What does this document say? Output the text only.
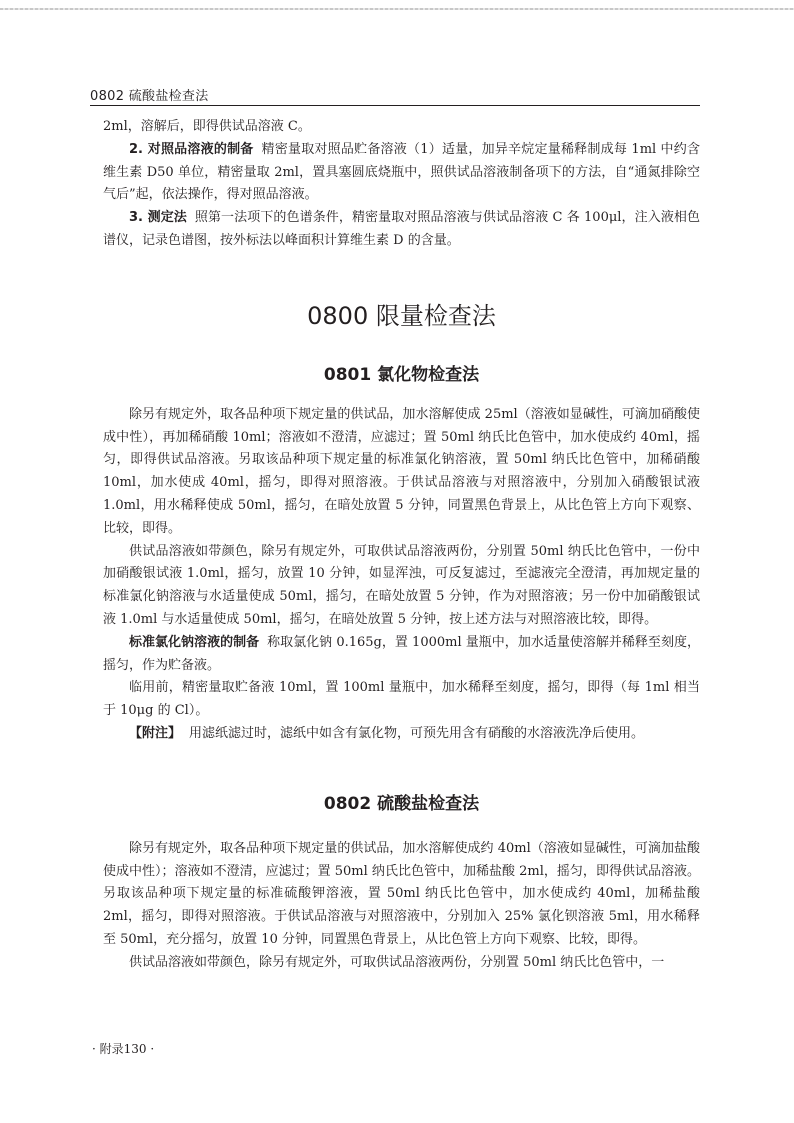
0802 硫酸盐检查法

2ml，溶解后，即得供试品溶液 C。

2. 对照品溶液的制备 精密量取对照品贮备溶液（1）适量，加异辛烷定量稀释制成每 1ml 中约含维生素 D50 单位，精密量取 2ml，置具塞圆底烧瓶中，照供试品溶液制备项下的方法，自“通氮排除空气后”起，依法操作，得对照品溶液。

3. 测定法 照第一法项下的色谱条件，精密量取对照品溶液与供试品溶液 C 各 100μl，注入液相色谱仪，记录色谱图，按外标法以峰面积计算维生素 D 的含量。

0800 限量检查法
0801 氯化物检查法

除另有规定外，取各品种项下规定量的供试品，加水溶解使成 25ml（溶液如显碱性，可滴加硝酸使成中性），再加稀硝酸 10ml；溶液如不澄清，应滤过；置 50ml 纳氏比色管中，加水使成约 40ml，摇匀，即得供试品溶液。另取该品种项下规定量的标准氯化钠溶液，置 50ml 纳氏比色管中，加稀硝酸 10ml，加水使成 40ml，摇匀，即得对照溶液。于供试品溶液与对照溶液中，分别加入硝酸银试液 1.0ml，用水稀释使成 50ml，摇匀，在暗处放置 5 分钟，同置黑色背景上，从比色管上方向下观察、比较，即得。

供试品溶液如带颜色，除另有规定外，可取供试品溶液两份，分别置 50ml 纳氏比色管中，一份中加硝酸银试液 1.0ml，摇匀，放置 10 分钟，如显浑浊，可反复滤过，至滤液完全澄清，再加规定量的标准氯化钠溶液与水适量使成 50ml，摇匀，在暗处放置 5 分钟，作为对照溶液；另一份中加硝酸银试液 1.0ml 与水适量使成 50ml，摇匀，在暗处放置 5 分钟，按上述方法与对照溶液比较，即得。

标准氯化钠溶液的制备 称取氯化钠 0.165g，置 1000ml 量瓶中，加水适量使溶解并稀释至刻度，摇匀，作为贮备液。

临用前，精密量取贮备液 10ml，置 100ml 量瓶中，加水稀释至刻度，摇匀，即得（每 1ml 相当于 10μg 的 Cl）。

【附注】 用滤纸滤过时，滤纸中如含有氯化物，可预先用含有硝酸的水溶液洗净后使用。

0802 硫酸盐检查法

除另有规定外，取各品种项下规定量的供试品，加水溶解使成约 40ml（溶液如显碱性，可滴加盐酸使成中性）；溶液如不澄清，应滤过；置 50ml 纳氏比色管中，加稀盐酸 2ml，摇匀，即得供试品溶液。另取该品种项下规定量的标准硫酸钾溶液，置 50ml 纳氏比色管中，加水使成约 40ml，加稀盐酸 2ml，摇匀，即得对照溶液。于供试品溶液与对照溶液中，分别加入 25% 氯化钡溶液 5ml，用水稀释至 50ml，充分摇匀，放置 10 分钟，同置黑色背景上，从比色管上方向下观察、比较，即得。

供试品溶液如带颜色，除另有规定外，可取供试品溶液两份，分别置 50ml 纳氏比色管中，一

· 附录130 ·
